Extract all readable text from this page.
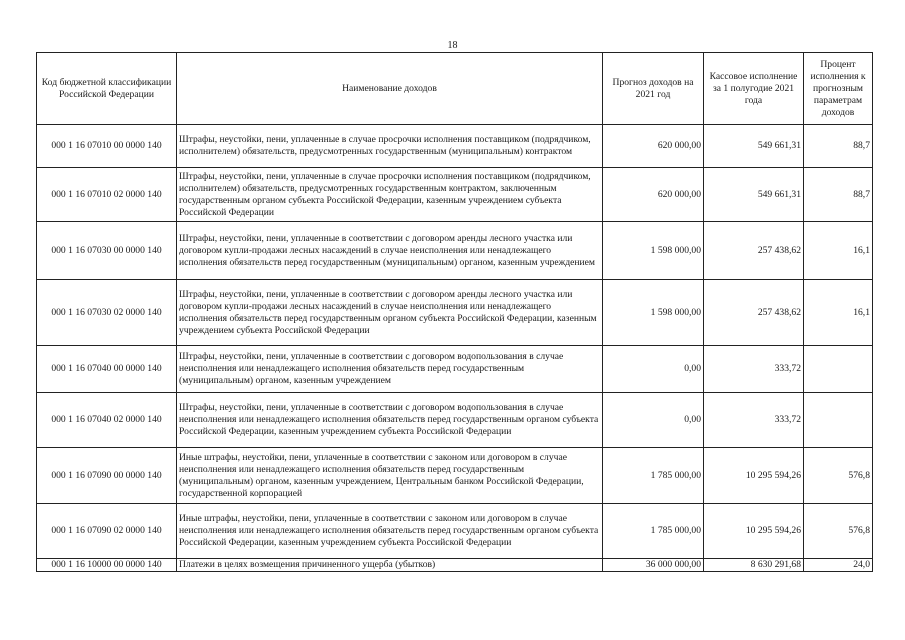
18
Код бюджетной классификации Российской Федерации	Наименование доходов	Прогноз доходов на 2021 год	Кассовое исполнение за 1 полугодие 2021 года	Процент исполнения к прогнозным параметрам доходов
000 1 16 07010 00 0000 140	Штрафы, неустойки, пени, уплаченные в случае просрочки исполнения поставщиком (подрядчиком, исполнителем) обязательств, предусмотренных государственным (муниципальным) контрактом	620 000,00	549 661,31	88,7
000 1 16 07010 02 0000 140	Штрафы, неустойки, пени, уплаченные в случае просрочки исполнения поставщиком (подрядчиком, исполнителем) обязательств, предусмотренных государственным контрактом, заключенным государственным органом субъекта Российской Федерации, казенным учреждением субъекта Российской Федерации	620 000,00	549 661,31	88,7
000 1 16 07030 00 0000 140	Штрафы, неустойки, пени, уплаченные в соответствии с договором аренды лесного участка или договором купли-продажи лесных насаждений в случае неисполнения или ненадлежащего исполнения обязательств перед государственным (муниципальным) органом, казенным учреждением	1 598 000,00	257 438,62	16,1
000 1 16 07030 02 0000 140	Штрафы, неустойки, пени, уплаченные в соответствии с договором аренды лесного участка или договором купли-продажи лесных насаждений в случае неисполнения или ненадлежащего исполнения обязательств перед государственным органом субъекта Российской Федерации, казенным учреждением субъекта Российской Федерации	1 598 000,00	257 438,62	16,1
000 1 16 07040 00 0000 140	Штрафы, неустойки, пени, уплаченные в соответствии с договором водопользования в случае неисполнения или ненадлежащего исполнения обязательств перед государственным (муниципальным) органом, казенным учреждением	0,00	333,72	
000 1 16 07040 02 0000 140	Штрафы, неустойки, пени, уплаченные в соответствии с договором водопользования в случае неисполнения или ненадлежащего исполнения обязательств перед государственным органом субъекта Российской Федерации, казенным учреждением субъекта Российской Федерации	0,00	333,72	
000 1 16 07090 00 0000 140	Иные штрафы, неустойки, пени, уплаченные в соответствии с законом или договором в случае неисполнения или ненадлежащего исполнения обязательств перед государственным (муниципальным) органом, казенным учреждением, Центральным банком Российской Федерации, государственной корпорацией	1 785 000,00	10 295 594,26	576,8
000 1 16 07090 02 0000 140	Иные штрафы, неустойки, пени, уплаченные в соответствии с законом или договором в случае неисполнения или ненадлежащего исполнения обязательств перед государственным органом субъекта Российской Федерации, казенным учреждением субъекта Российской Федерации	1 785 000,00	10 295 594,26	576,8
000 1 16 10000 00 0000 140	Платежи в целях возмещения причиненного ущерба (убытков)	36 000 000,00	8 630 291,68	24,0
